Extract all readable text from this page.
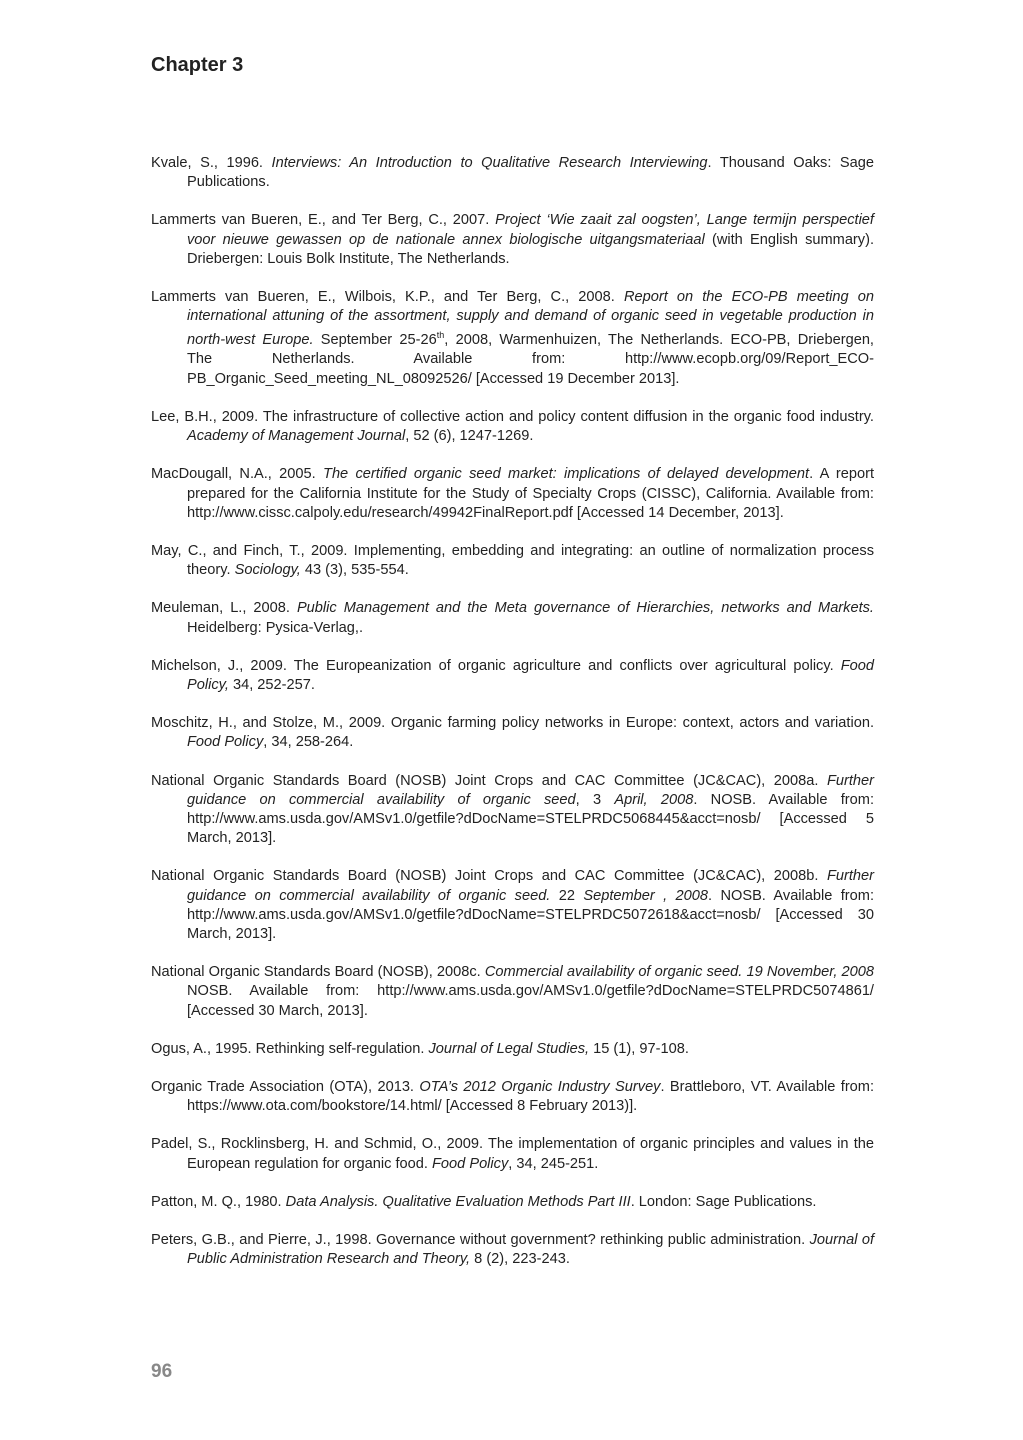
Chapter 3

Kvale, S., 1996. Interviews: An Introduction to Qualitative Research Interviewing. Thousand Oaks: Sage Publications.

Lammerts van Bueren, E., and Ter Berg, C., 2007. Project ‘Wie zaait zal oogsten’, Lange termijn perspectief voor nieuwe gewassen op de nationale annex biologische uitgangsmateriaal (with English summary). Driebergen: Louis Bolk Institute, The Netherlands.

Lammerts van Bueren, E., Wilbois, K.P., and Ter Berg, C., 2008. Report on the ECO-PB meeting on international attuning of the assortment, supply and demand of organic seed in vegetable production in north-west Europe. September 25-26th, 2008, Warmenhuizen, The Netherlands. ECO-PB, Driebergen, The Netherlands. Available from: http://www.ecopb.org/09/Report_ECO-PB_Organic_Seed_meeting_NL_08092526/ [Accessed 19 December 2013].

Lee, B.H., 2009. The infrastructure of collective action and policy content diffusion in the organic food industry. Academy of Management Journal, 52 (6), 1247-1269.

MacDougall, N.A., 2005. The certified organic seed market: implications of delayed development. A report prepared for the California Institute for the Study of Specialty Crops (CISSC), California. Available from: http://www.cissc.calpoly.edu/research/49942FinalReport.pdf [Accessed 14 December, 2013].

May, C., and Finch, T., 2009. Implementing, embedding and integrating: an outline of normalization process theory. Sociology, 43 (3), 535-554.

Meuleman, L., 2008. Public Management and the Meta governance of Hierarchies, networks and Markets. Heidelberg: Pysica-Verlag,.

Michelson, J., 2009. The Europeanization of organic agriculture and conflicts over agricultural policy. Food Policy, 34, 252-257.

Moschitz, H., and Stolze, M., 2009. Organic farming policy networks in Europe: context, actors and variation. Food Policy, 34, 258-264.

National Organic Standards Board (NOSB) Joint Crops and CAC Committee (JC&CAC), 2008a. Further guidance on commercial availability of organic seed, 3 April, 2008. NOSB. Available from: http://www.ams.usda.gov/AMSv1.0/getfile?dDocName=STELPRDC5068445&acct=nosb/ [Accessed 5 March, 2013].

National Organic Standards Board (NOSB) Joint Crops and CAC Committee (JC&CAC), 2008b. Further guidance on commercial availability of organic seed. 22 September , 2008. NOSB. Available from: http://www.ams.usda.gov/AMSv1.0/getfile?dDocName=STELPRDC5072618&acct=nosb/ [Accessed 30 March, 2013].

National Organic Standards Board (NOSB), 2008c. Commercial availability of organic seed. 19 November, 2008 NOSB. Available from: http://www.ams.usda.gov/AMSv1.0/getfile?dDocName=STELPRDC5074861/ [Accessed 30 March, 2013].

Ogus, A., 1995. Rethinking self-regulation. Journal of Legal Studies, 15 (1), 97-108.

Organic Trade Association (OTA), 2013. OTA’s 2012 Organic Industry Survey. Brattleboro, VT. Available from: https://www.ota.com/bookstore/14.html/ [Accessed 8 February 2013)].

Padel, S., Rocklinsberg, H. and Schmid, O., 2009. The implementation of organic principles and values in the European regulation for organic food. Food Policy, 34, 245-251.

Patton, M. Q., 1980. Data Analysis. Qualitative Evaluation Methods Part III. London: Sage Publications.

Peters, G.B., and Pierre, J., 1998. Governance without government? rethinking public administration. Journal of Public Administration Research and Theory, 8 (2), 223-243.

96
